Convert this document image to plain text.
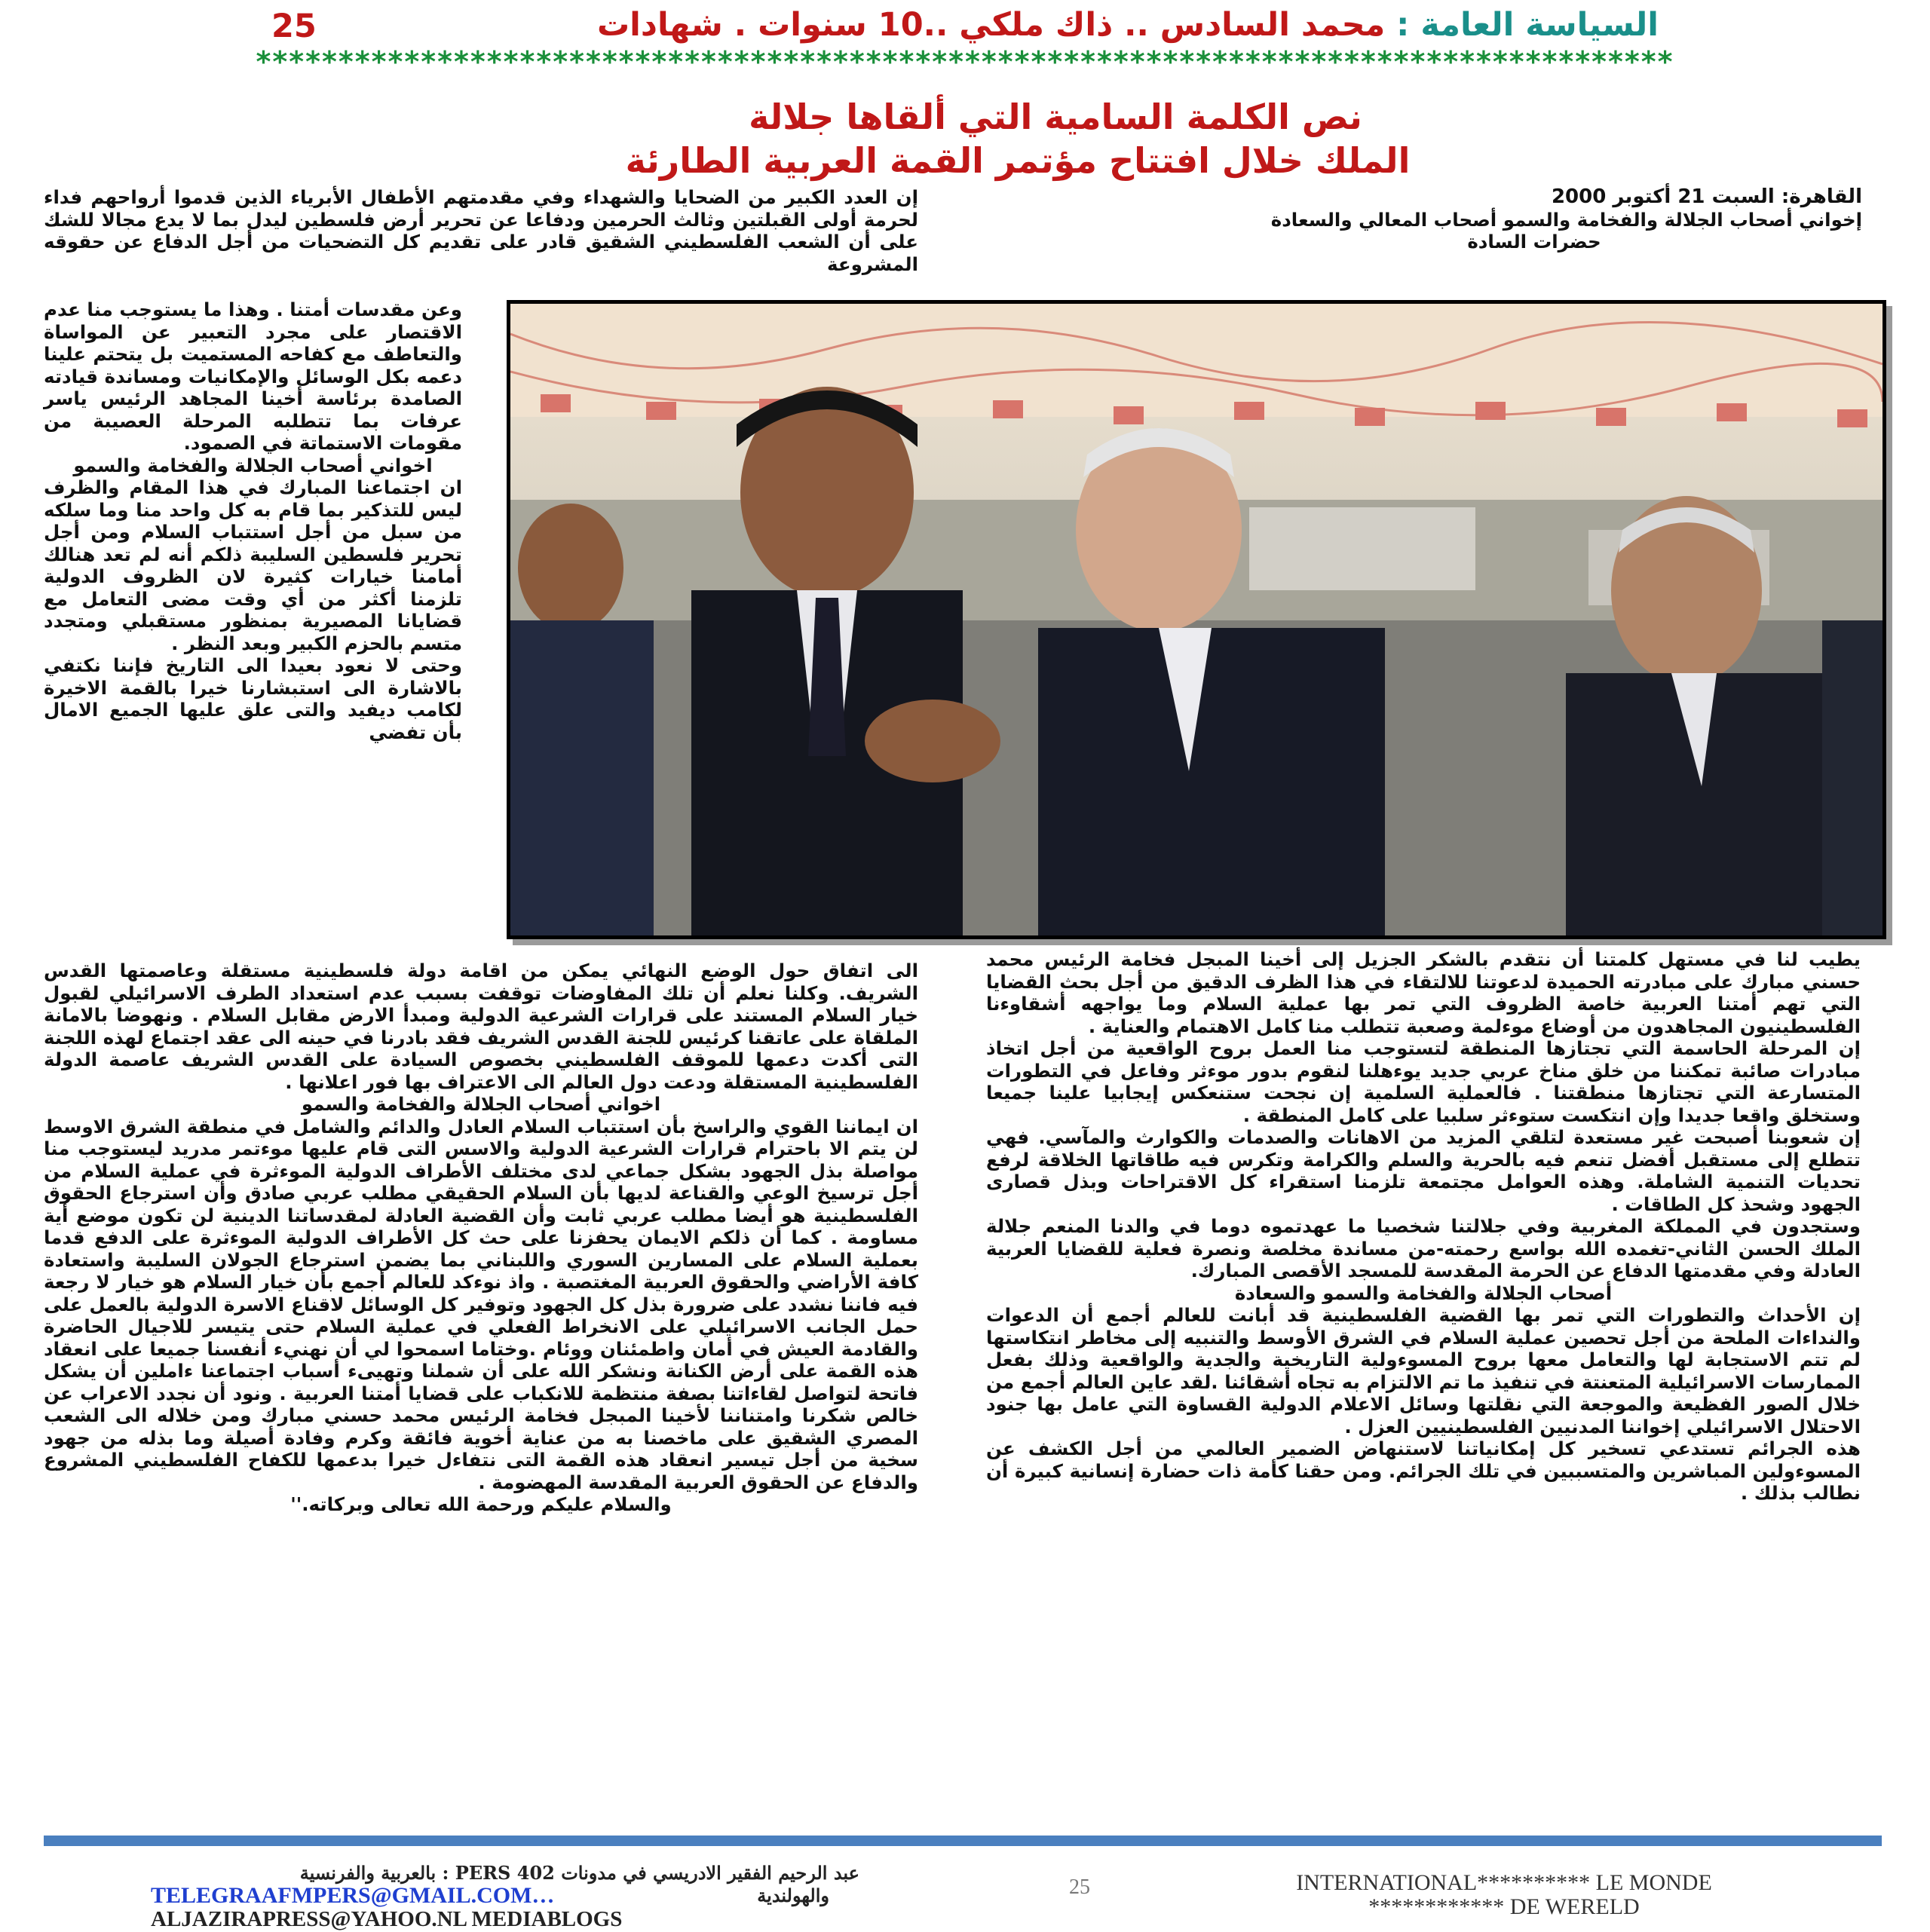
السياسة العامة : محمد السادس .. ذاك ملكي ..10 سنوات . شهادات
25
**************************************************************************************
نص الكلمة السامية التي ألقاها جلالة
الملك خلال افتتاح مؤتمر القمة العربية الطارئة

القاهرة: السبت 21 أكتوبر 2000

إخواني أصحاب الجلالة والفخامة والسمو أصحاب المعالي والسعادة

حضرات السادة

إن العدد الكبير من الضحايا والشهداء وفي مقدمتهم الأطفال الأبرياء الذين قدموا أرواحهم فداء لحرمة أولى القبلتين وثالث الحرمين ودفاعا عن تحرير أرض فلسطين ليدل بما لا يدع مجالا للشك على أن الشعب الفلسطيني الشقيق قادر على تقديم كل التضحيات من أجل الدفاع عن حقوقه المشروعة

وعن مقدسات أمتنا . وهذا ما يستوجب منا عدم الاقتصار على مجرد التعبير عن المواساة والتعاطف مع كفاحه المستميت بل يتحتم علينا دعمه بكل الوسائل والإمكانيات ومساندة قيادته الصامدة برئاسة أخينا المجاهد الرئيس ياسر عرفات بما تتطلبه المرحلة العصيبة من مقومات الاستماتة في الصمود.

اخواني أصحاب الجلالة والفخامة والسمو

ان اجتماعنا المبارك في هذا المقام والظرف ليس للتذكير بما قام به كل واحد منا وما سلكه من سبل من أجل استتباب السلام ومن أجل تحرير فلسطين السليبة ذلكم أنه لم تعد هنالك أمامنا خيارات كثيرة لان الظروف الدولية تلزمنا أكثر من أي وقت مضى التعامل مع قضايانا المصيرية بمنظور مستقبلي ومتجدد متسم بالحزم الكبير وبعد النظر .

وحتى لا نعود بعيدا الى التاريخ فإننا نكتفي بالاشارة الى استبشارنا خيرا بالقمة الاخيرة لكامب ديفيد والتى علق عليها الجميع الامال بأن تفضي

الى اتفاق حول الوضع النهائي يمكن من اقامة دولة فلسطينية مستقلة وعاصمتها القدس الشريف. وكلنا نعلم أن تلك المفاوضات توقفت بسبب عدم استعداد الطرف الاسرائيلي لقبول خيار السلام المستند على قرارات الشرعية الدولية ومبدأ الارض مقابل السلام . ونهوضا بالامانة الملقاة على عاتقنا كرئيس للجنة القدس الشريف فقد بادرنا في حينه الى عقد اجتماع لهذه اللجنة التى أكدت دعمها للموقف الفلسطيني بخصوص السيادة على القدس الشريف عاصمة الدولة الفلسطينية المستقلة ودعت دول العالم الى الاعتراف بها فور اعلانها .

اخواني أصحاب الجلالة والفخامة والسمو

ان ايماننا القوي والراسخ بأن استتباب السلام العادل والدائم والشامل في منطقة الشرق الاوسط لن يتم الا باحترام قرارات الشرعية الدولية والاسس التى قام عليها موءتمر مدريد ليستوجب منا مواصلة بذل الجهود بشكل جماعي لدى مختلف الأطراف الدولية الموءثرة في عملية السلام من أجل ترسيخ الوعي والقناعة لديها بأن السلام الحقيقي مطلب عربي صادق وأن استرجاع الحقوق الفلسطينية هو أيضا مطلب عربي ثابت وأن القضية العادلة لمقدساتنا الدينية لن تكون موضع أية مساومة . كما أن ذلكم الايمان يحفزنا على حث كل الأطراف الدولية الموءثرة على الدفع قدما بعملية السلام على المسارين السوري واللبناني بما يضمن استرجاع الجولان السليبة واستعادة كافة الأراضي والحقوق العربية المغتصبة . واذ نوءكد للعالم أجمع بأن خيار السلام هو خيار لا رجعة فيه فاننا نشدد على ضرورة بذل كل الجهود وتوفير كل الوسائل لاقناع الاسرة الدولية بالعمل على حمل الجانب الاسرائيلي على الانخراط الفعلي في عملية السلام حتى يتيسر للاجيال الحاضرة والقادمة العيش في أمان واطمئنان ووئام .وختاما اسمحوا لي أن نهنيء أنفسنا جميعا على انعقاد هذه القمة على أرض الكنانة ونشكر الله على أن شملنا وتهيىء أسباب اجتماعنا ءاملين أن يشكل فاتحة لتواصل لقاءاتنا بصفة منتظمة للانكباب على قضايا أمتنا العربية . ونود أن نجدد الاعراب عن خالص شكرنا وامتناننا لأخينا المبجل فخامة الرئيس محمد حسني مبارك ومن خلاله الى الشعب المصري الشقيق على ماخصنا به من عناية أخوية فائقة وكرم وفادة أصيلة وما بذله من جهود سخية من أجل تيسير انعقاد هذه القمة التى نتفاءل خيرا بدعمها للكفاح الفلسطيني المشروع والدفاع عن الحقوق العربية المقدسة المهضومة .

والسلام عليكم ورحمة الله تعالى وبركاته.''

يطيب لنا في مستهل كلمتنا أن نتقدم بالشكر الجزيل إلى أخينا المبجل فخامة الرئيس محمد حسني مبارك على مبادرته الحميدة لدعوتنا للالتقاء في هذا الظرف الدقيق من أجل بحث القضايا التي تهم أمتنا العربية خاصة الظروف التي تمر بها عملية السلام وما يواجهه أشقاوءنا الفلسطينيون المجاهدون من أوضاع موءلمة وصعبة تتطلب منا كامل الاهتمام والعناية .

إن المرحلة الحاسمة التي تجتازها المنطقة لتستوجب منا العمل بروح الواقعية من أجل اتخاذ مبادرات صائبة تمكننا من خلق مناخ عربي جديد يوءهلنا لنقوم بدور موءثر وفاعل في التطورات المتسارعة التي تجتازها منطقتنا . فالعملية السلمية إن نجحت ستنعكس إيجابيا علينا جميعا وستخلق واقعا جديدا وإن انتكست ستوءثر سلبيا على كامل المنطقة .

إن شعوبنا أصبحت غير مستعدة لتلقي المزيد من الاهانات والصدمات والكوارث والمآسي. فهي تتطلع إلى مستقبل أفضل تنعم فيه بالحرية والسلم والكرامة وتكرس فيه طاقاتها الخلاقة لرفع تحديات التنمية الشاملة. وهذه العوامل مجتمعة تلزمنا استقراء كل الاقتراحات وبذل قصارى الجهود وشحذ كل الطاقات .

وستجدون في المملكة المغربية وفي جلالتنا شخصيا ما عهدتموه دوما في والدنا المنعم جلالة الملك الحسن الثاني-تغمده الله بواسع رحمته-من مساندة مخلصة ونصرة فعلية للقضايا العربية العادلة وفي مقدمتها الدفاع عن الحرمة المقدسة للمسجد الأقصى المبارك.

أصحاب الجلالة والفخامة والسمو والسعادة

إن الأحداث والتطورات التي تمر بها القضية الفلسطينية قد أبانت للعالم أجمع أن الدعوات والنداءات الملحة من أجل تحصين عملية السلام في الشرق الأوسط والتنبيه إلى مخاطر انتكاستها لم تتم الاستجابة لها والتعامل معها بروح المسوءولية التاريخية والجدية والواقعية وذلك بفعل الممارسات الاسرائيلية المتعنتة في تنفيذ ما تم الالتزام به تجاه أشقائنا .لقد عاين العالم أجمع من خلال الصور الفظيعة والموجعة التي نقلتها وسائل الاعلام الدولية القساوة التي عامل بها جنود الاحتلال الاسرائيلي إخواننا المدنيين الفلسطينيين العزل .

هذه الجرائم تستدعي تسخير كل إمكانياتنا لاستنهاض الضمير العالمي من أجل الكشف عن المسوءولين المباشرين والمتسببين في تلك الجرائم. ومن حقنا كأمة ذات حضارة إنسانية كبيرة أن نطالب بذلك .

عبد الرحيم الفقير الادريسي في مدونات PERS 402 : بالعربية والفرنسية
والهولندية
TELEGRAAFMPERS@GMAIL.COM…
ALJAZIRAPRESS@YAHOO.NL MEDIABLOGS
25	INTERNATIONAL********** LE MONDE
************ DE WERELD
